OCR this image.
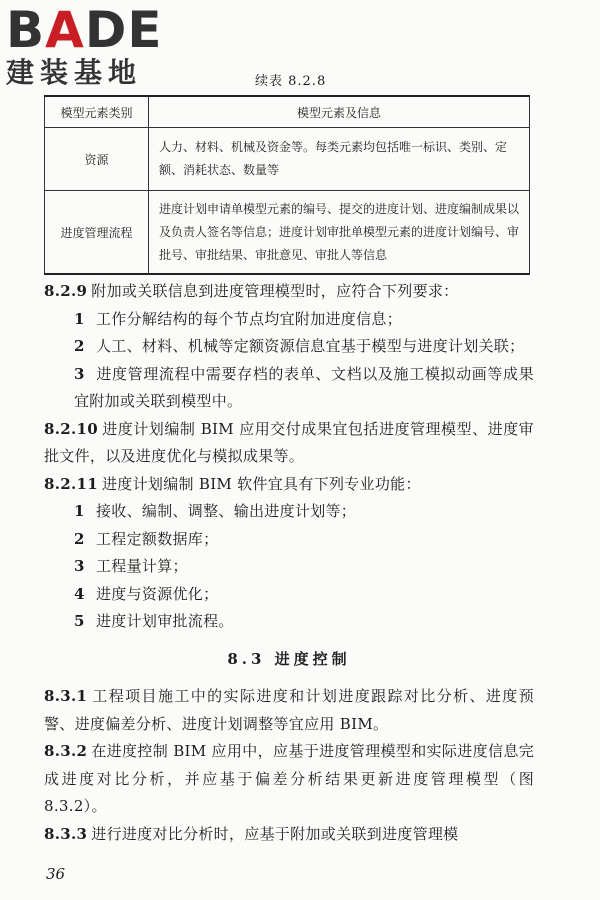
BADE
建装基地	续表 8.2.8
模型元素类别	模型元素及信息
资源	人力、材料、机械及资金等。每类元素均包括唯一标识、类别、定额、消耗状态、数量等
进度管理流程	进度计划申请单模型元素的编号、提交的进度计划、进度编制成果以及负责人签名等信息；进度计划审批单模型元素的进度计划编号、审批号、审批结果、审批意见、审批人等信息

8.2.9 附加或关联信息到进度管理模型时，应符合下列要求：

1 工作分解结构的每个节点均宜附加进度信息；

2 人工、材料、机械等定额资源信息宜基于模型与进度计划关联；

3 进度管理流程中需要存档的表单、文档以及施工模拟动画等成果宜附加或关联到模型中。

8.2.10 进度计划编制 BIM 应用交付成果宜包括进度管理模型、进度审批文件，以及进度优化与模拟成果等。

8.2.11 进度计划编制 BIM 软件宜具有下列专业功能：

1 接收、编制、调整、输出进度计划等；

2 工程定额数据库；

3 工程量计算；

4 进度与资源优化；

5 进度计划审批流程。

8.3 进度控制

8.3.1 工程项目施工中的实际进度和计划进度跟踪对比分析、进度预警、进度偏差分析、进度计划调整等宜应用 BIM。

8.3.2 在进度控制 BIM 应用中，应基于进度管理模型和实际进度信息完成进度对比分析，并应基于偏差分析结果更新进度管理模型（图 8.3.2）。

8.3.3 进行进度对比分析时，应基于附加或关联到进度管理模

36
